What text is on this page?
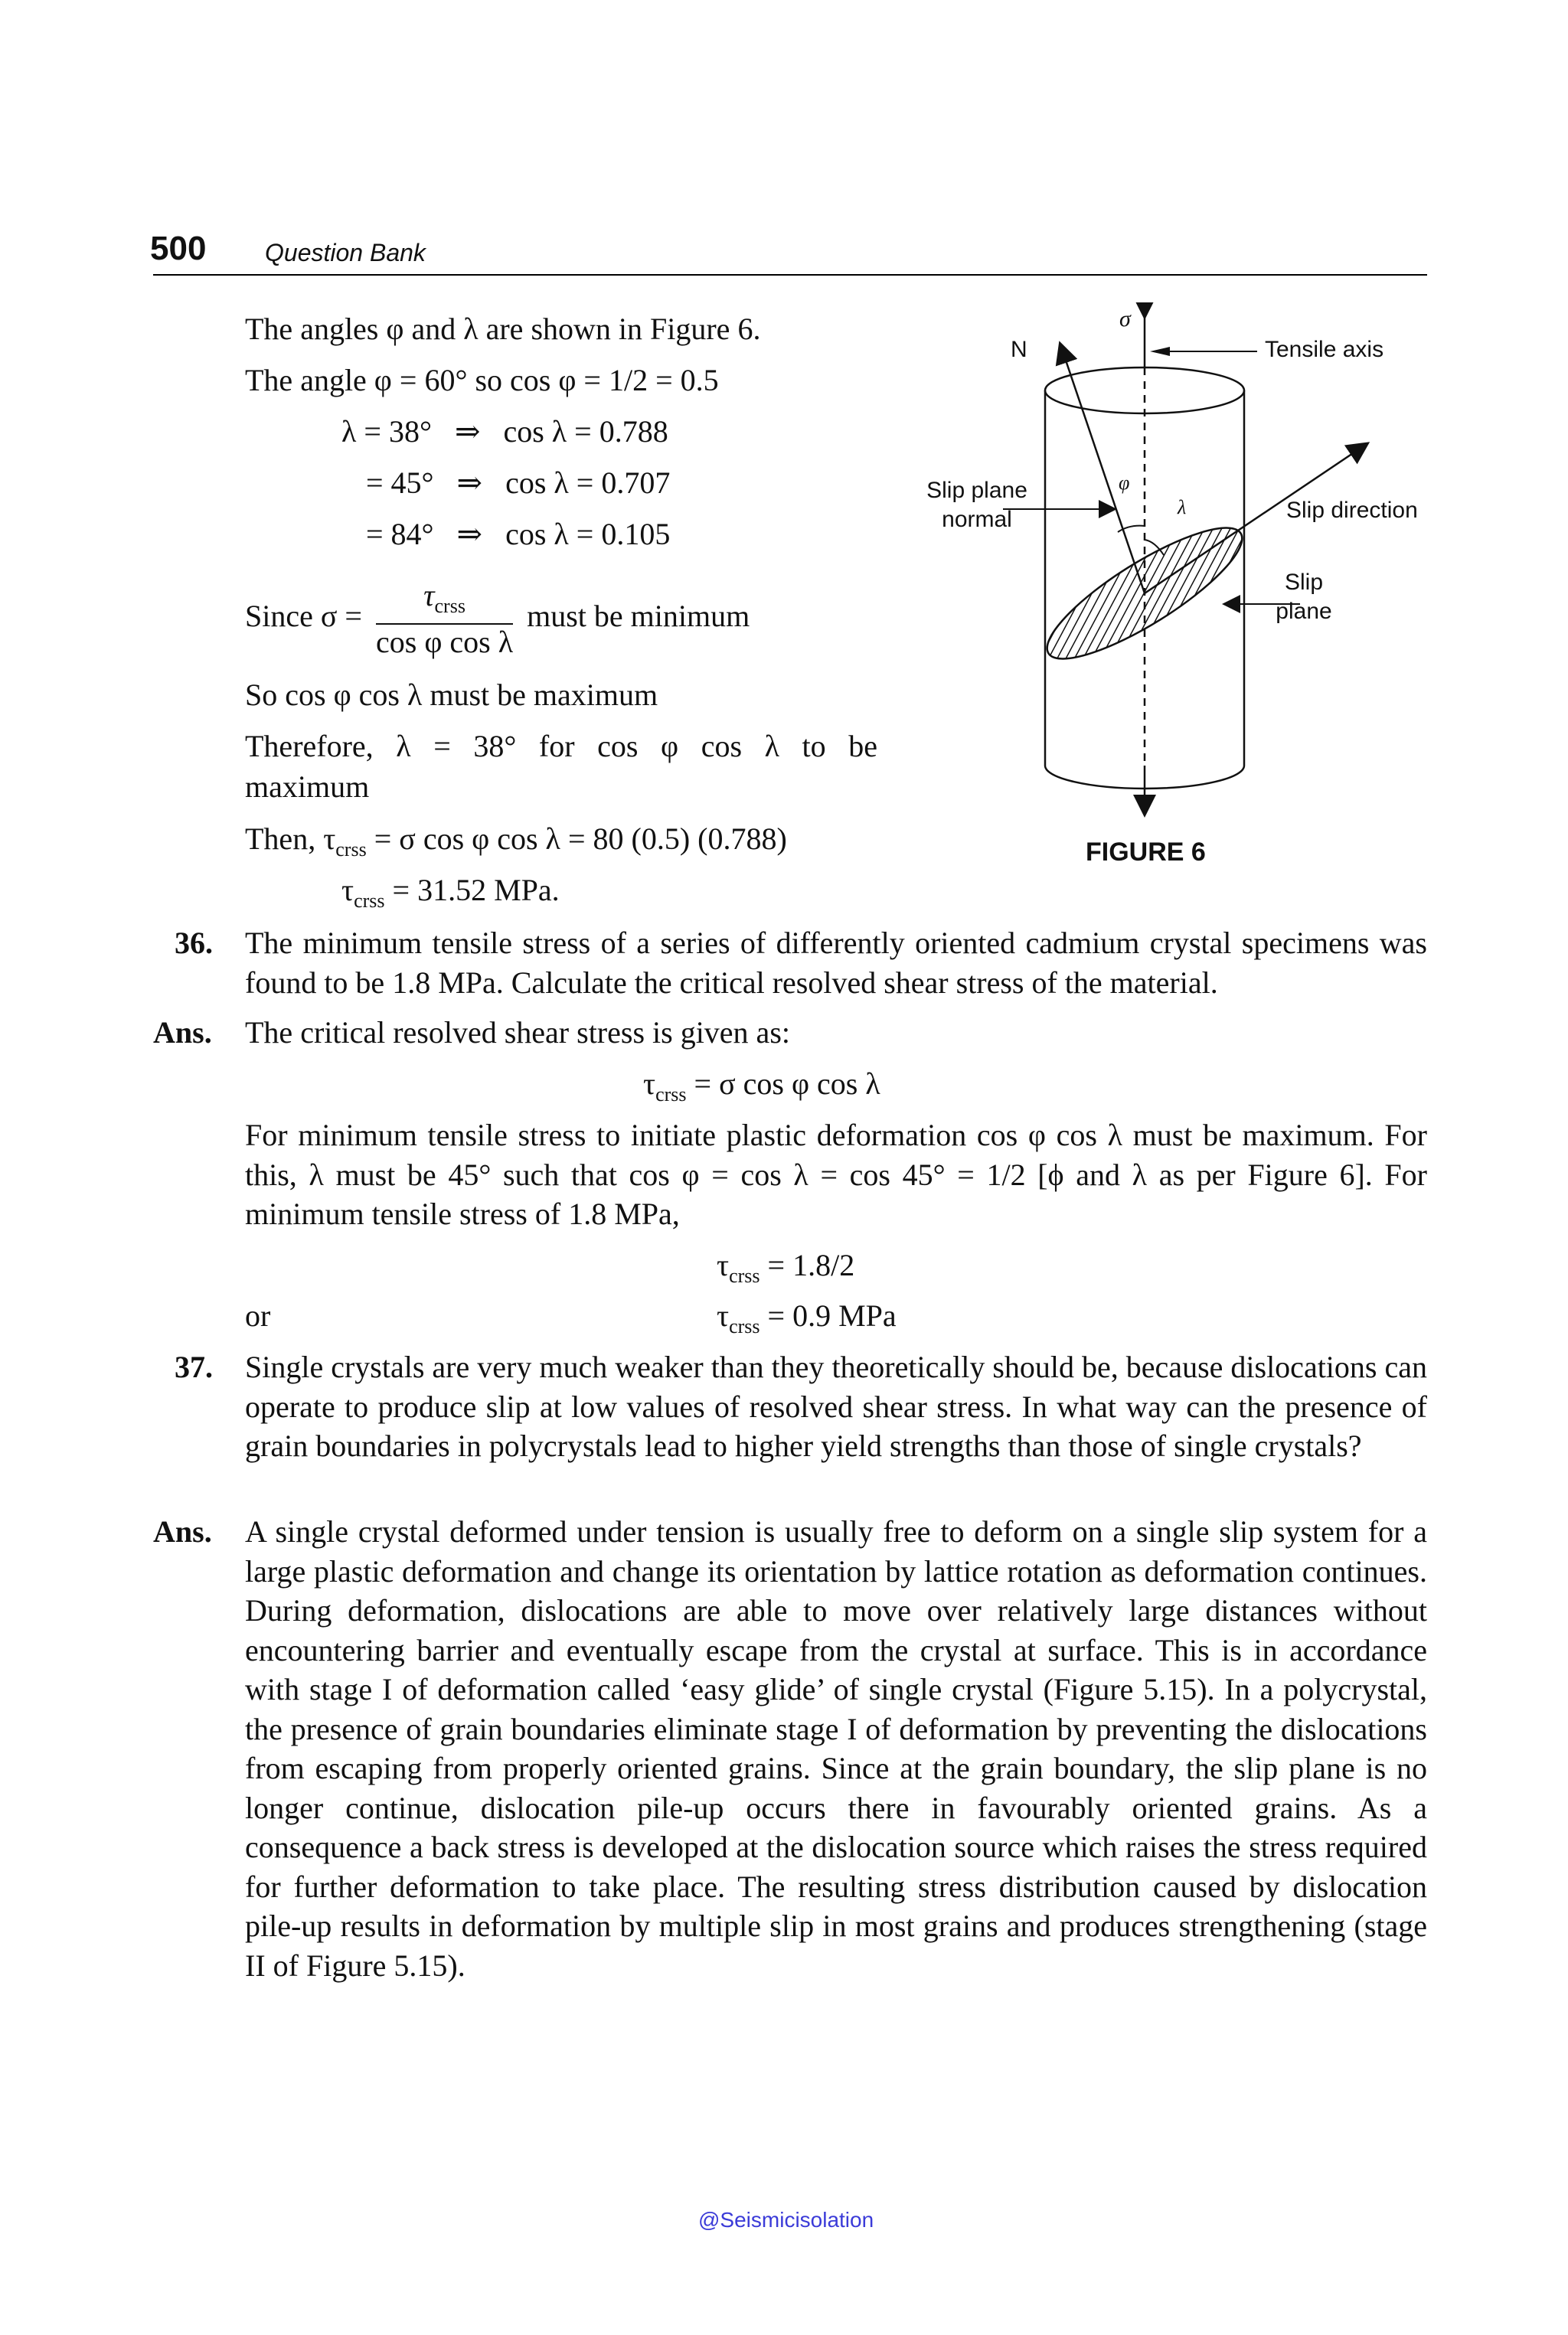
500 Question Bank
The angles φ and λ are shown in Figure 6.
The angle φ = 60° so cos φ = 1/2 = 0.5
λ = 38°   ⇒   cos λ = 0.788
= 45°   ⇒   cos λ = 0.707
= 84°   ⇒   cos λ = 0.105
Since $\sigma = \frac{\tau_{crss}}{\text{cos φ cos λ}}$ must be minimum
So cos φ cos λ must be maximum
Therefore, λ = 38° for cos φ cos λ to be
maximum
Then, $\tau_{crss} = \sigma$ cos φ cos λ = 80 (0.5) (0.788)
$\tau_{crss} = 31.52$ MPa.
σ
N	Tensile axis
Slip plane
normal	Slip direction
Slip
plane
φ
λ
FIGURE 6
36. The minimum tensile stress of a series of differently oriented cadmium crystal specimens was found to be 1.8 MPa. Calculate the critical resolved shear stress of the material.
Ans. The critical resolved shear stress is given as:
$\tau_{crss} = \sigma$ cos φ cos λ
For minimum tensile stress to initiate plastic deformation cos φ cos λ must be maximum. For this, λ must be 45° such that cos φ = cos λ = cos 45° = 1/2 [ϕ and λ as per Figure 6]. For minimum tensile stress of 1.8 MPa,
$\tau_{crss} = 1.8/2$
or	$\tau_{crss} = 0.9$ MPa
37. Single crystals are very much weaker than they theoretically should be, because dislocations can operate to produce slip at low values of resolved shear stress. In what way can the presence of grain boundaries in polycrystals lead to higher yield strengths than those of single crystals?
Ans. A single crystal deformed under tension is usually free to deform on a single slip system for a large plastic deformation and change its orientation by lattice rotation as deformation continues. During deformation, dislocations are able to move over relatively large distances without encountering barrier and eventually escape from the crystal at surface. This is in accordance with stage I of deformation called ‘easy glide’ of single crystal (Figure 5.15). In a polycrystal, the presence of grain boundaries eliminate stage I of deformation by preventing the dislocations from escaping from properly oriented grains. Since at the grain boundary, the slip plane is no longer continue, dislocation pile-up occurs there in favourably oriented grains. As a consequence a back stress is developed at the dislocation source which raises the stress required for further deformation to take place. The resulting stress distribution caused by dislocation pile-up results in deformation by multiple slip in most grains and produces strengthening (stage II of Figure 5.15).
@Seismicisolation
